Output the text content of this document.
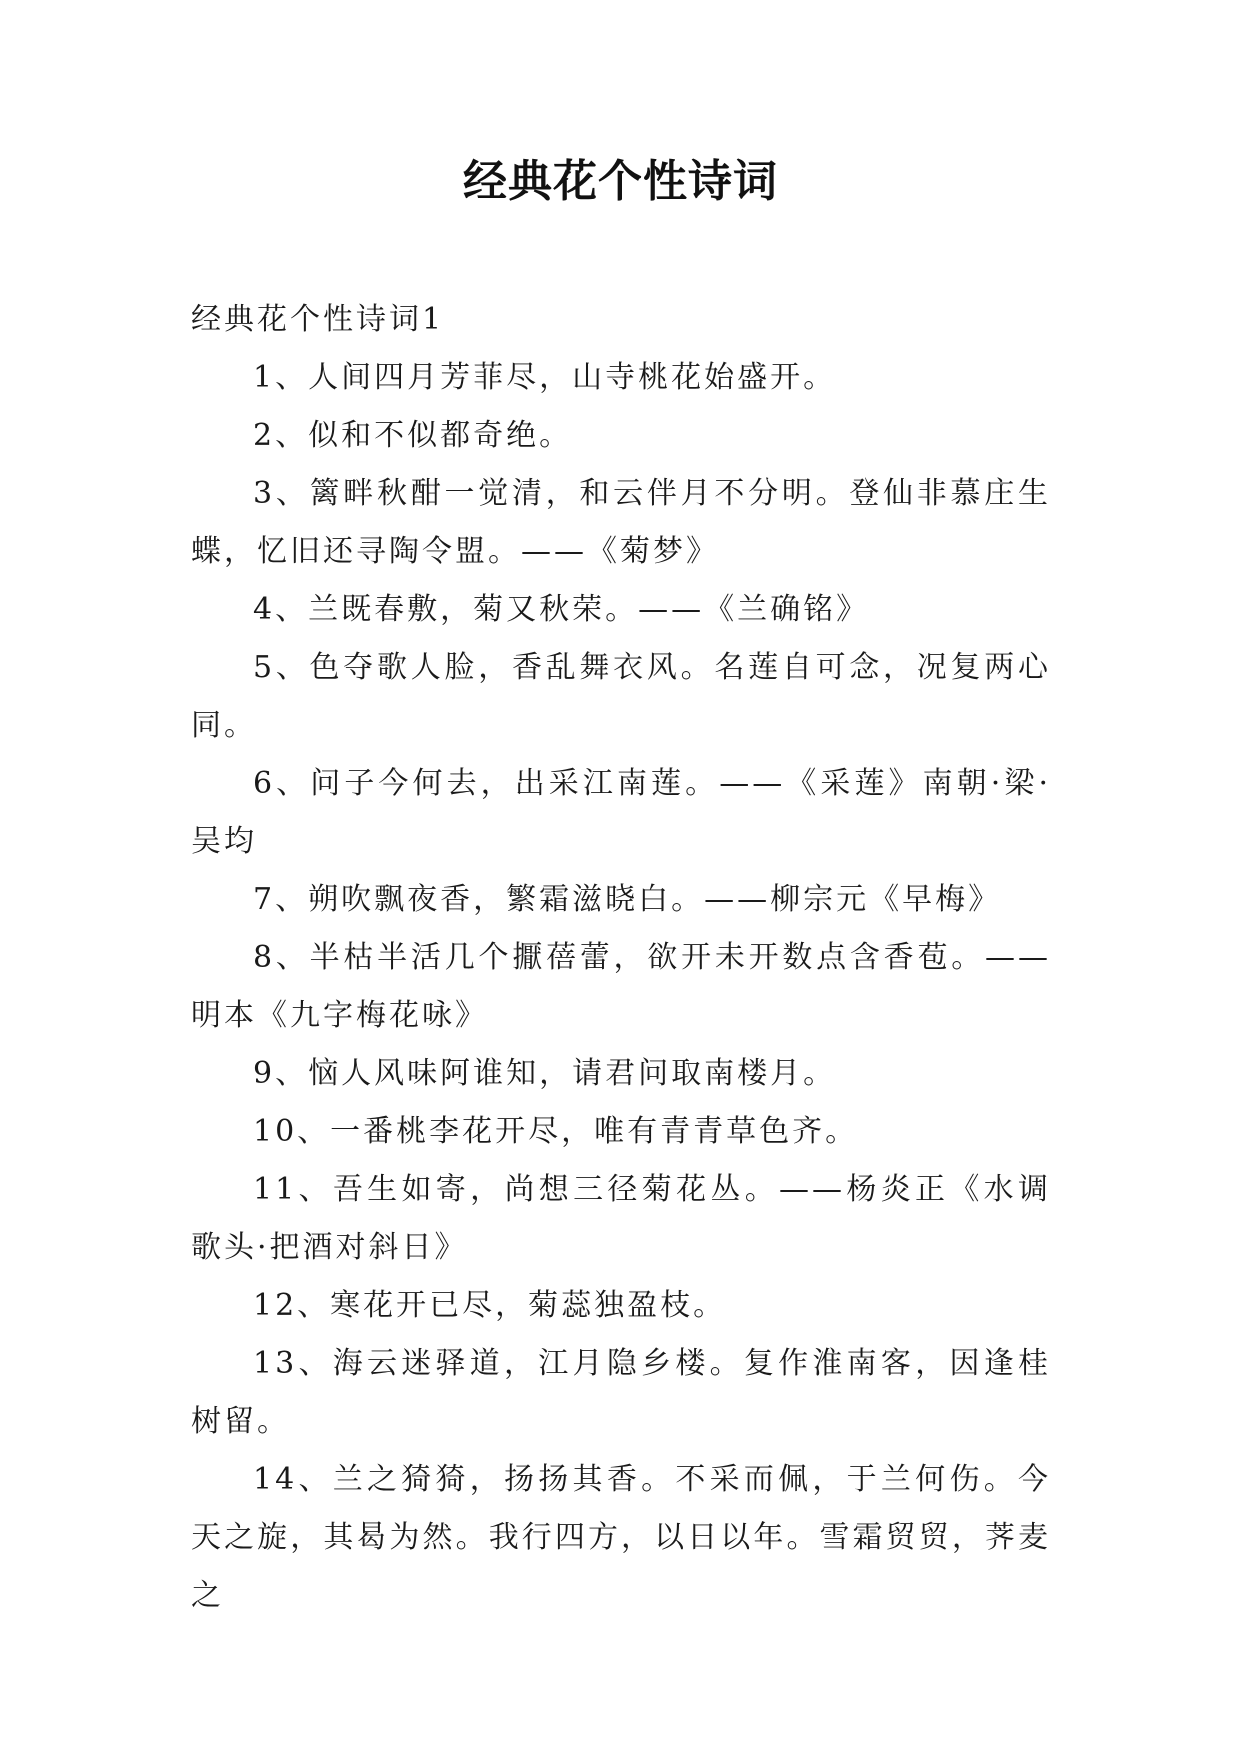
经典花个性诗词
经典花个性诗词1

1、人间四月芳菲尽，山寺桃花始盛开。

2、似和不似都奇绝。

3、篱畔秋酣一觉清，和云伴月不分明。登仙非慕庄生蝶，忆旧还寻陶令盟。——《菊梦》

4、兰既春敷，菊又秋荣。——《兰确铭》

5、色夺歌人脸，香乱舞衣风。名莲自可念，况复两心同。

6、问子今何去，出采江南莲。——《采莲》南朝·梁·吴均

7、朔吹飘夜香，繁霜滋晓白。——柳宗元《早梅》

8、半枯半活几个擫蓓蕾，欲开未开数点含香苞。——明本《九字梅花咏》

9、恼人风味阿谁知，请君问取南楼月。

10、一番桃李花开尽，唯有青青草色齐。

11、吾生如寄，尚想三径菊花丛。——杨炎正《水调歌头·把酒对斜日》

12、寒花开已尽，菊蕊独盈枝。

13、海云迷驿道，江月隐乡楼。复作淮南客，因逢桂树留。

14、兰之猗猗，扬扬其香。不采而佩，于兰何伤。今天之旋，其曷为然。我行四方，以日以年。雪霜贸贸，荠麦之
